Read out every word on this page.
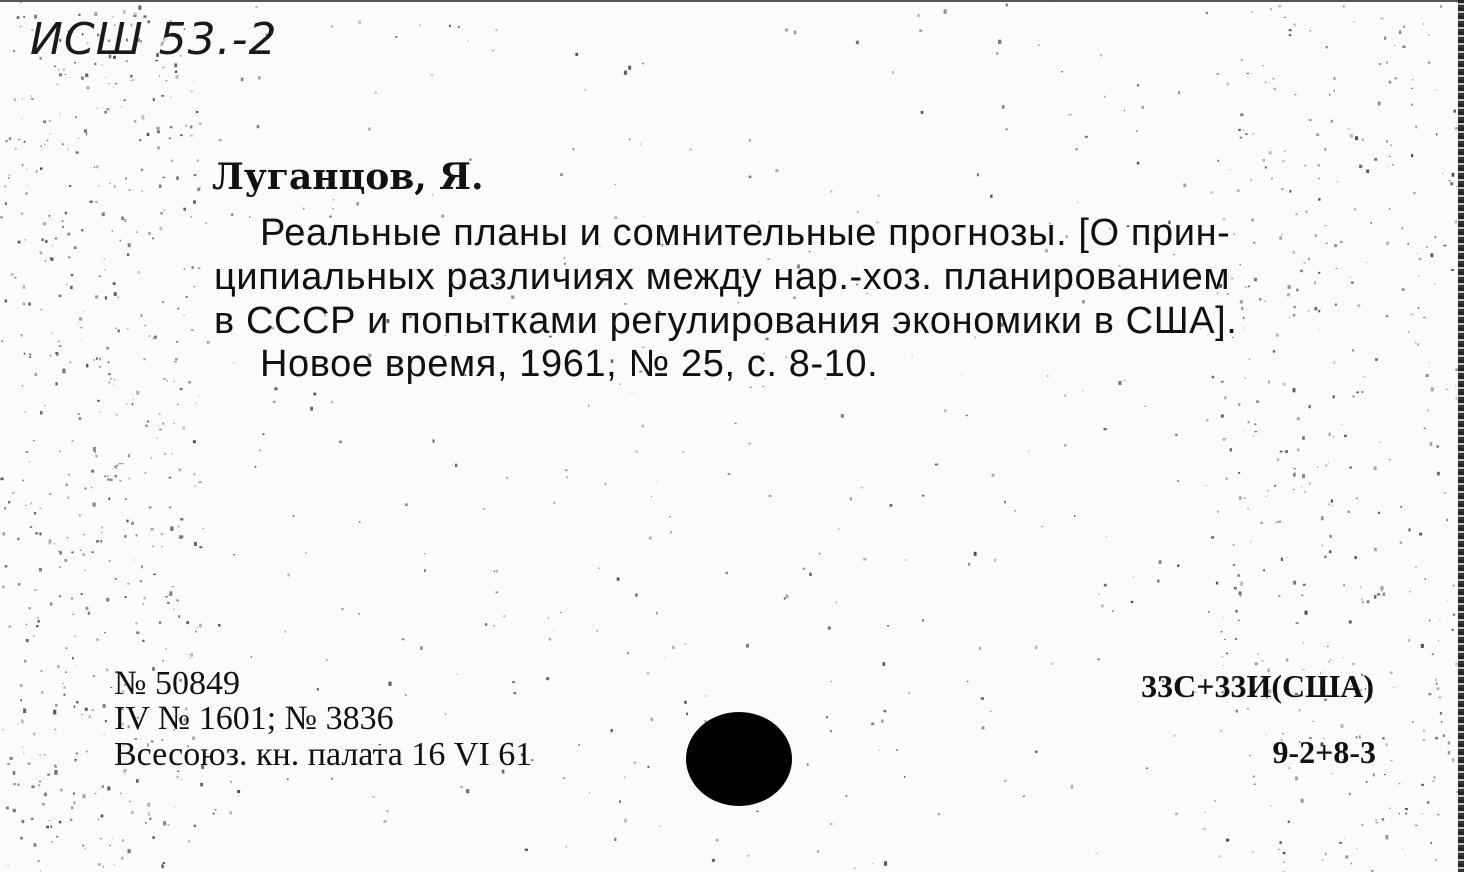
ИСШ 53.-2
Луганцов, Я.
Реальные планы и сомнительные прогнозы. [О прин-
ципиальных различиях между нар.-хоз. планированием
в СССР и попытками регулирования экономики в США].
Новое время, 1961, № 25, с. 8-10.
№ 50849
IV № 1601; № 3836
Всесоюз. кн. палата 16 VI 61
33С+33И(США)
9-2+8-3
